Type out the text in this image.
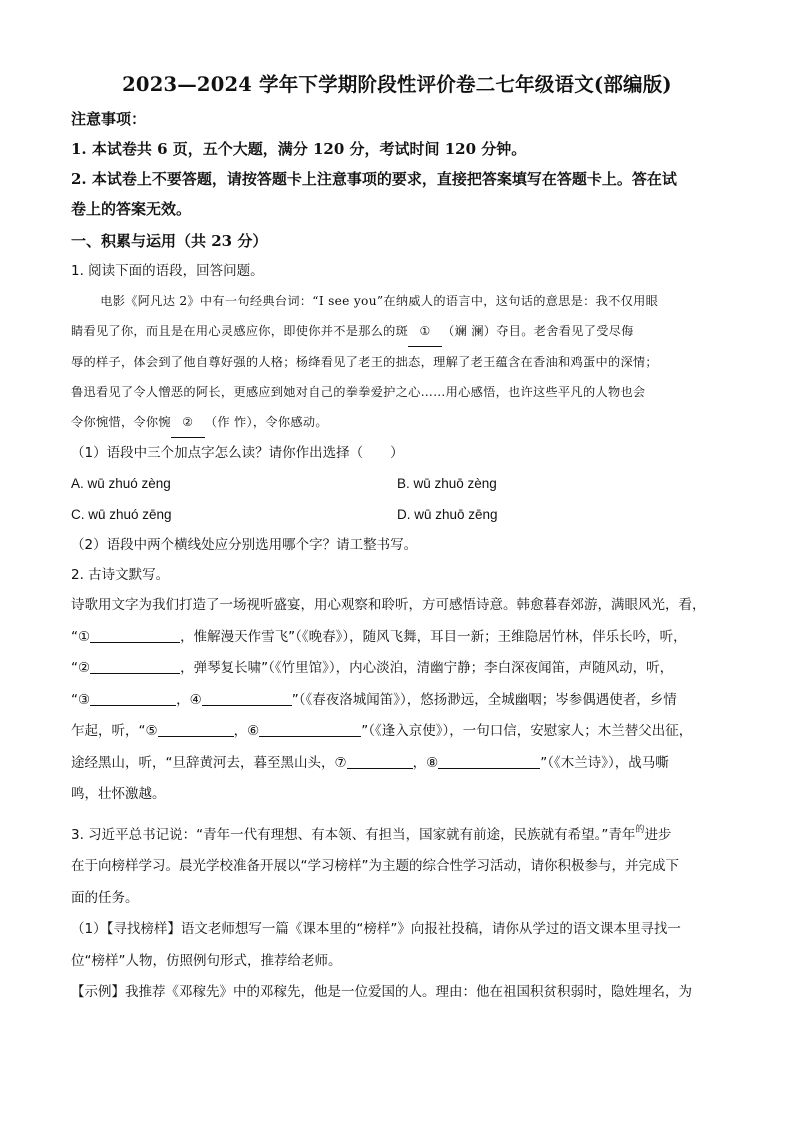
2023—2024 学年下学期阶段性评价卷二七年级语文(部编版)
注意事项：
1. 本试卷共 6 页，五个大题，满分 120 分，考试时间 120 分钟。
2. 本试卷上不要答题，请按答题卡上注意事项的要求，直接把答案填写在答题卡上。答在试
卷上的答案无效。
一、积累与运用（共 23 分）
1. 阅读下面的语段，回答问题。
电影《阿凡达 2》中有一句经典台词：“I see you”在纳威人的语言中，这句话的意思是：我不仅用眼
睛看见了你，而且是在用心灵感应你，即使你并不是那么的斑 ① （斓 澜）夺目。老舍看见了受尽侮
辱的样子，体会到了他自尊好强的人格；杨绛看见了老王的拙态，理解了老王蕴含在香油和鸡蛋中的深情；
鲁迅看见了令人憎恶的阿长，更感应到她对自己的拳拳爱护之心……用心感悟，也许这些平凡的人物也会
令你惋惜，令你惋 ② （作 怍），令你感动。
（1）语段中三个加点字怎么读？请你作出选择（　　）
A. wū zhuó zèng	B. wū zhuō zèng
C. wū zhuó zēng	D. wū zhuō zēng
（2）语段中两个横线处应分别选用哪个字？请工整书写。
2. 古诗文默写。
诗歌用文字为我们打造了一场视听盛宴，用心观察和聆听，方可感悟诗意。韩愈暮春郊游，满眼风光，看，
“①	，惟解漫天作雪飞”（《晚春》），随风飞舞，耳目一新；王维隐居竹林，伴乐长吟，听，
“②	，弹琴复长啸”（《竹里馆》），内心淡泊，清幽宁静；李白深夜闻笛，声随风动，听，
“③	，④	”（《春夜洛城闻笛》），悠扬渺远，全城幽咽；岑参偶遇使者，乡情
乍起，听，“⑤	，⑥	”（《逢入京使》），一句口信，安慰家人；木兰替父出征，
途经黑山，听，“旦辞黄河去，暮至黑山头，⑦	，⑧	”（《木兰诗》），战马嘶
鸣，壮怀激越。
3. 习近平总书记说：“青年一代有理想、有本领、有担当，国家就有前途，民族就有希望。”青年$^的$进步
在于向榜样学习。晨光学校准备开展以“学习榜样”为主题的综合性学习活动，请你积极参与，并完成下
面的任务。
（1）【寻找榜样】语文老师想写一篇《课本里的“榜样”》向报社投稿，请你从学过的语文课本里寻找一
位“榜样”人物，仿照例句形式，推荐给老师。
【示例】我推荐《邓稼先》中的邓稼先，他是一位爱国的人。理由：他在祖国积贫积弱时，隐姓埋名，为
